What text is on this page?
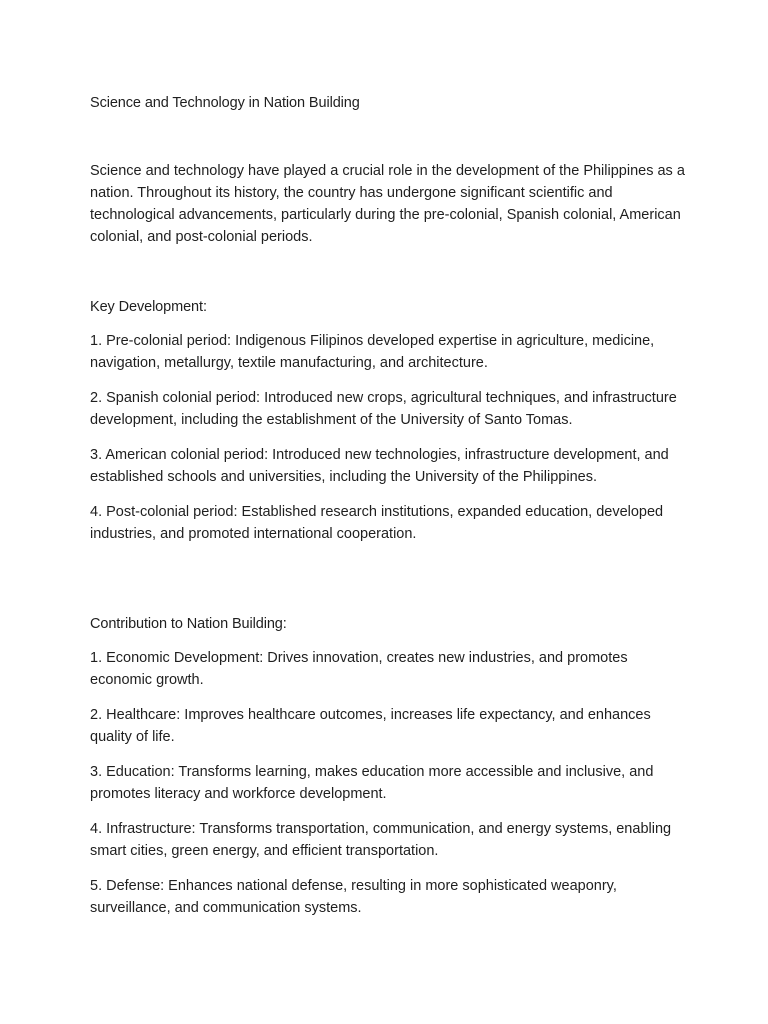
Science and Technology in Nation Building

Science and technology have played a crucial role in the development of the Philippines as a nation. Throughout its history, the country has undergone significant scientific and technological advancements, particularly during the pre-colonial, Spanish colonial, American colonial, and post-colonial periods.

Key Development:
1. Pre-colonial period: Indigenous Filipinos developed expertise in agriculture, medicine, navigation, metallurgy, textile manufacturing, and architecture.
2. Spanish colonial period: Introduced new crops, agricultural techniques, and infrastructure development, including the establishment of the University of Santo Tomas.
3. American colonial period: Introduced new technologies, infrastructure development, and established schools and universities, including the University of the Philippines.
4. Post-colonial period: Established research institutions, expanded education, developed industries, and promoted international cooperation.
Contribution to Nation Building:
1. Economic Development: Drives innovation, creates new industries, and promotes economic growth.
2. Healthcare: Improves healthcare outcomes, increases life expectancy, and enhances quality of life.
3. Education: Transforms learning, makes education more accessible and inclusive, and promotes literacy and workforce development.
4. Infrastructure: Transforms transportation, communication, and energy systems, enabling smart cities, green energy, and efficient transportation.
5. Defense: Enhances national defense, resulting in more sophisticated weaponry, surveillance, and communication systems.
